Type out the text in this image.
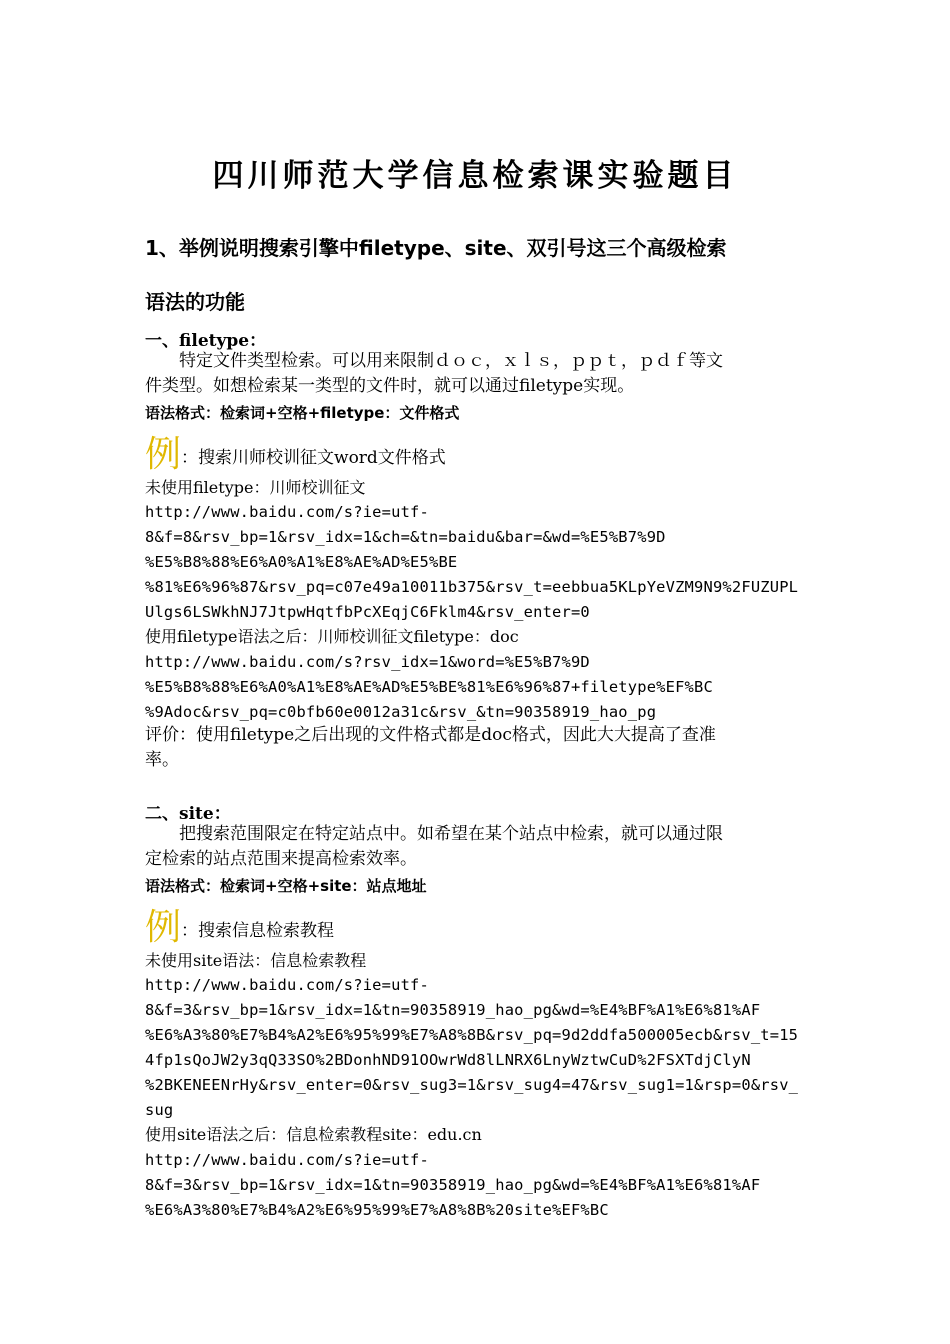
四川师范大学信息检索课实验题目
1、举例说明搜索引擎中filetype、site、双引号这三个高级检索
语法的功能
一、filetype：
　　特定文件类型检索。可以用来限制ｄｏｃ，ｘｌｓ，ｐｐｔ，ｐｄｆ等文
件类型。如想检索某一类型的文件时，就可以通过filetype实现。
语法格式：检索词+空格+filetype：文件格式
例：搜索川师校训征文word文件格式
未使用filetype：川师校训征文
http://www.baidu.com/s?ie=utf-
8&f=8&rsv_bp=1&rsv_idx=1&ch=&tn=baidu&bar=&wd=%E5%B7%9D
%E5%B8%88%E6%A0%A1%E8%AE%AD%E5%BE
%81%E6%96%87&rsv_pq=c07e49a10011b375&rsv_t=eebbua5KLpYeVZM9N9%2FUZUPL
Ulgs6LSWkhNJ7JtpwHqtfbPcXEqjC6Fklm4&rsv_enter=0
使用filetype语法之后：川师校训征文filetype：doc
http://www.baidu.com/s?rsv_idx=1&word=%E5%B7%9D
%E5%B8%88%E6%A0%A1%E8%AE%AD%E5%BE%81%E6%96%87+filetype%EF%BC
%9Adoc&rsv_pq=c0bfb60e0012a31c&rsv_&tn=90358919_hao_pg
评价：使用filetype之后出现的文件格式都是doc格式，因此大大提高了查准
率。
二、site：
　　把搜索范围限定在特定站点中。如希望在某个站点中检索，就可以通过限
定检索的站点范围来提高检索效率。
语法格式：检索词+空格+site：站点地址
例：搜索信息检索教程
未使用site语法：信息检索教程
http://www.baidu.com/s?ie=utf-
8&f=3&rsv_bp=1&rsv_idx=1&tn=90358919_hao_pg&wd=%E4%BF%A1%E6%81%AF
%E6%A3%80%E7%B4%A2%E6%95%99%E7%A8%8B&rsv_pq=9d2ddfa500005ecb&rsv_t=15
4fp1sQoJW2y3qQ33SO%2BDonhND91OOwrWd8lLNRX6LnyWztwCuD%2FSXTdjClyN
%2BKENEENrHy&rsv_enter=0&rsv_sug3=1&rsv_sug4=47&rsv_sug1=1&rsp=0&rsv_
sug
使用site语法之后：信息检索教程site：edu.cn
http://www.baidu.com/s?ie=utf-
8&f=3&rsv_bp=1&rsv_idx=1&tn=90358919_hao_pg&wd=%E4%BF%A1%E6%81%AF
%E6%A3%80%E7%B4%A2%E6%95%99%E7%A8%8B%20site%EF%BC
